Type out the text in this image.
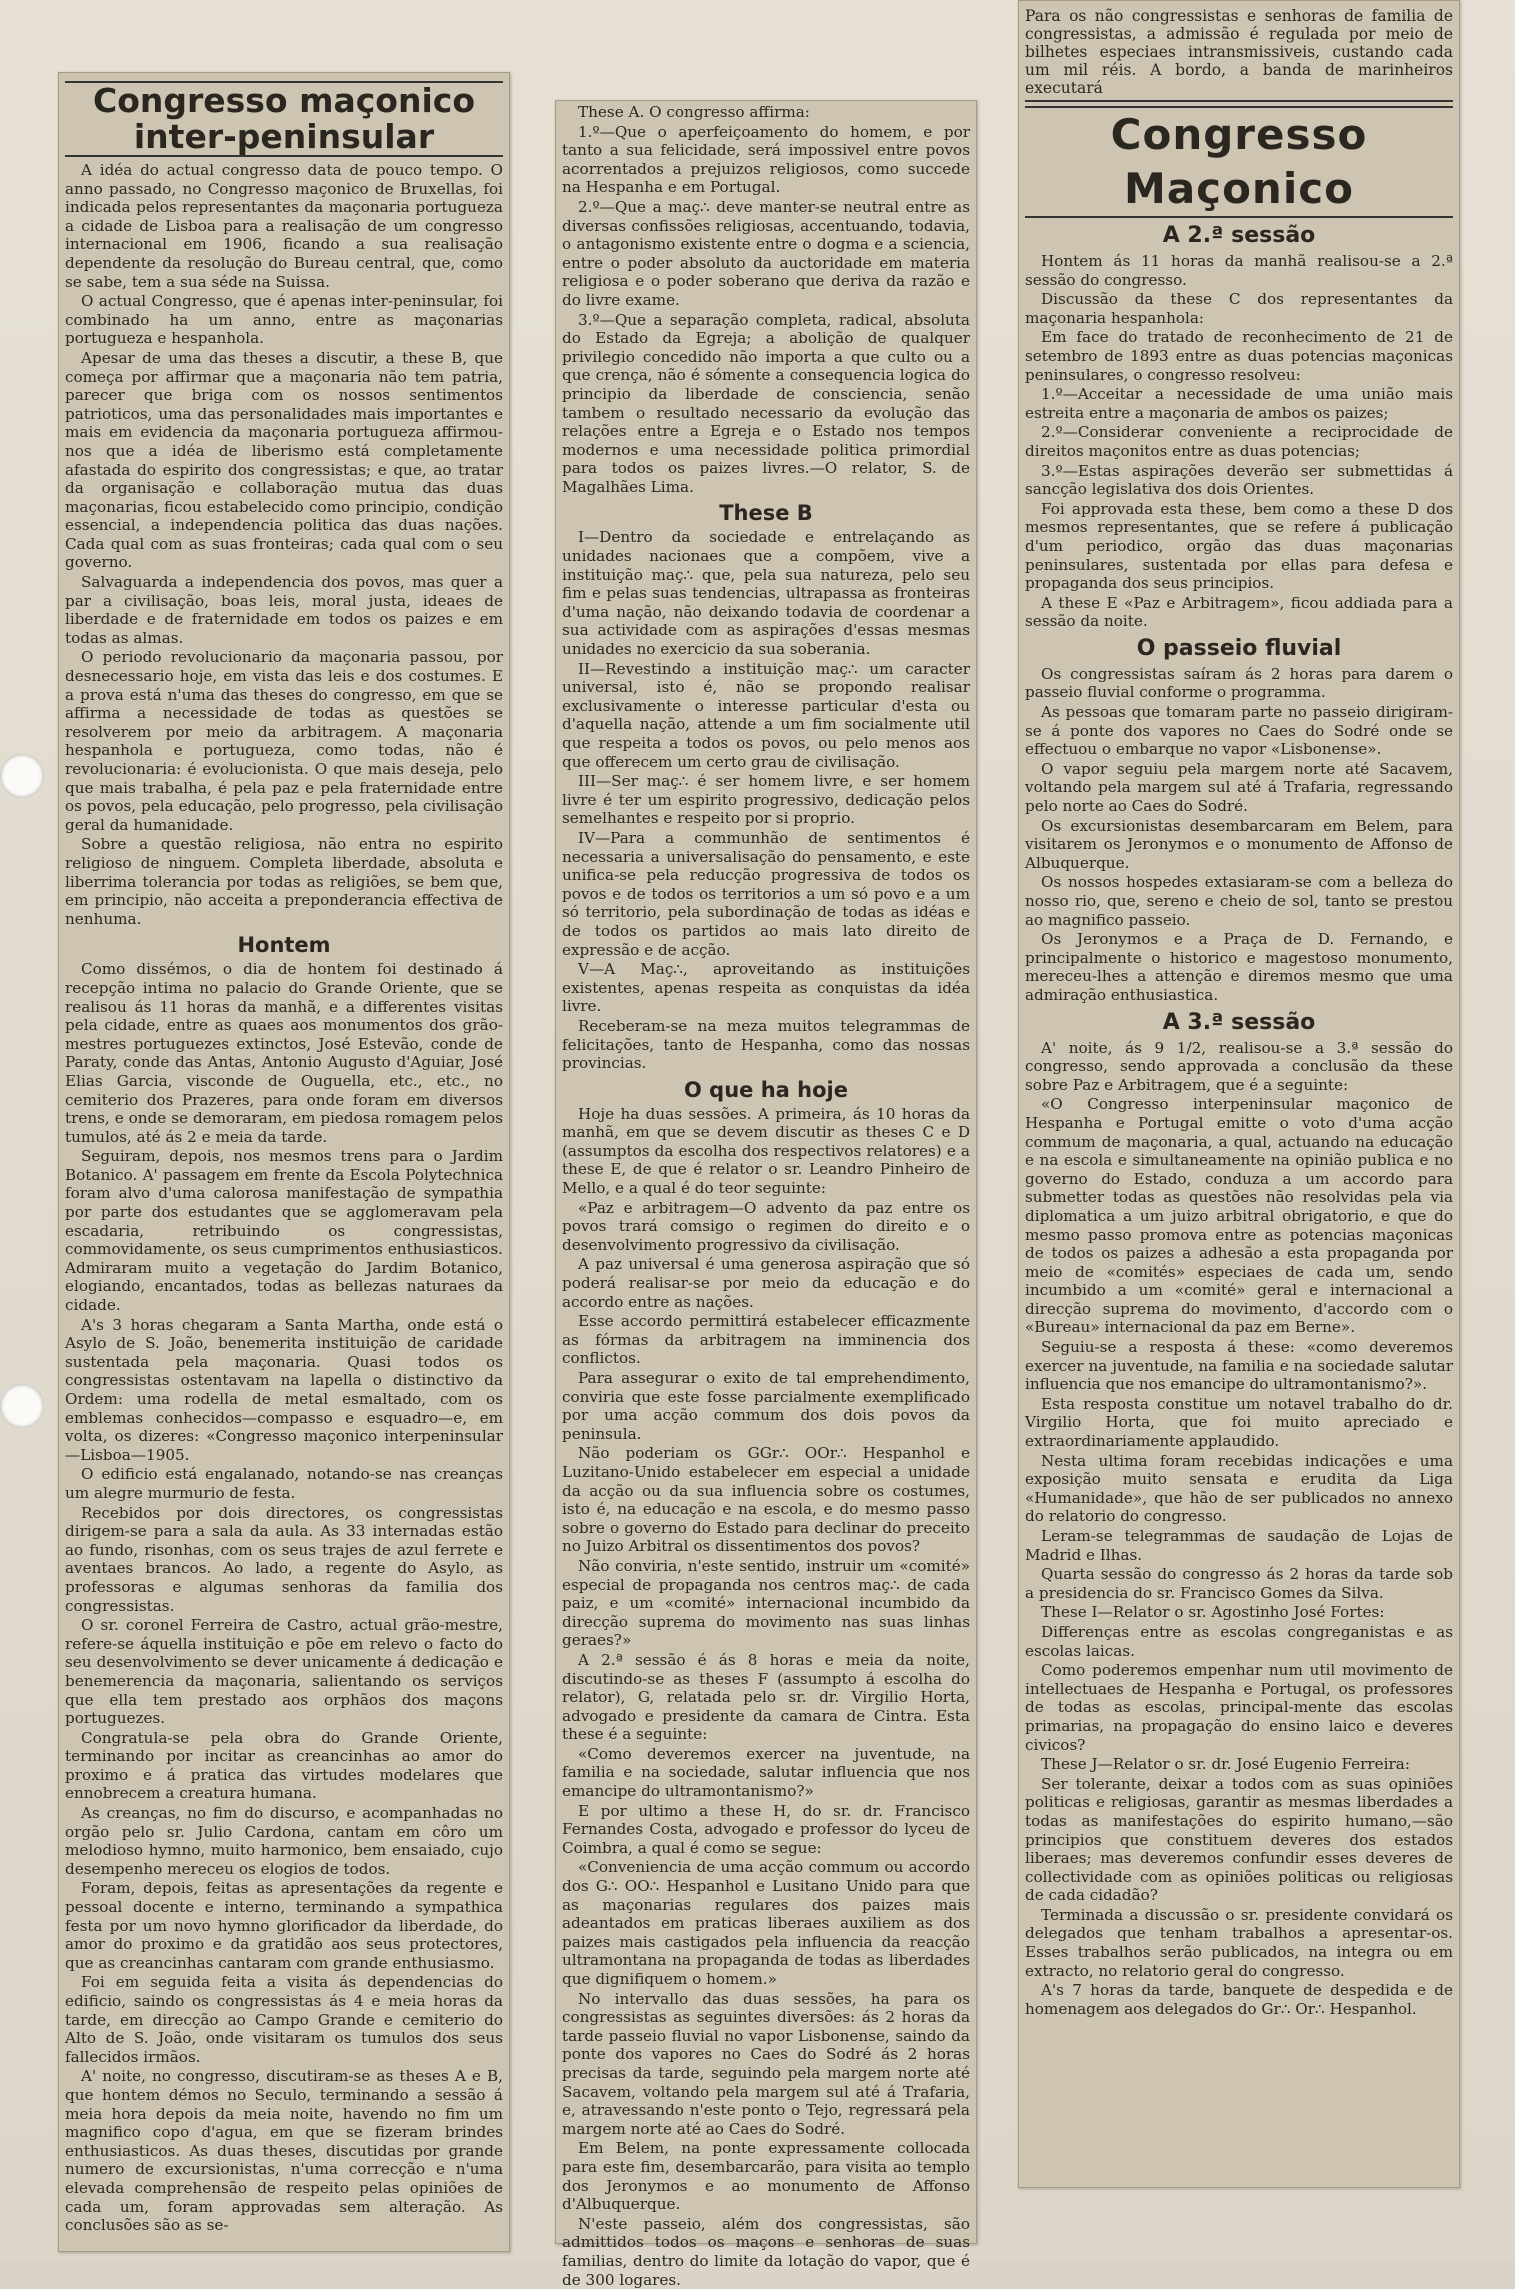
Congresso maçonico inter-peninsular

A idéa do actual congresso data de pouco tempo. O anno passado, no Congresso maçonico de Bruxellas, foi indicada pelos representantes da maçonaria portugueza a cidade de Lisboa para a realisação de um congresso internacional em 1906, ficando a sua realisação dependente da resolução do Bureau central, que, como se sabe, tem a sua séde na Suissa.

O actual Congresso, que é apenas inter-peninsular, foi combinado ha um anno, entre as maçonarias portugueza e hespanhola.

Apesar de uma das theses a discutir, a these B, que começa por affirmar que a maçonaria não tem patria, parecer que briga com os nossos sentimentos patrioticos, uma das personalidades mais importantes e mais em evidencia da maçonaria portugueza affirmou-nos que a idéa de liberismo está completamente afastada do espirito dos congressistas; e que, ao tratar da organisação e collaboração mutua das duas maçonarias, ficou estabelecido como principio, condição essencial, a independencia politica das duas nações. Cada qual com as suas fronteiras; cada qual com o seu governo.

Salvaguarda a independencia dos povos, mas quer a par a civilisação, boas leis, moral justa, ideaes de liberdade e de fraternidade em todos os paizes e em todas as almas.

O periodo revolucionario da maçonaria passou, por desnecessario hoje, em vista das leis e dos costumes. E a prova está n'uma das theses do congresso, em que se affirma a necessidade de todas as questões se resolverem por meio da arbitragem. A maçonaria hespanhola e portugueza, como todas, não é revolucionaria: é evolucionista. O que mais deseja, pelo que mais trabalha, é pela paz e pela fraternidade entre os povos, pela educação, pelo progresso, pela civilisação geral da humanidade.

Sobre a questão religiosa, não entra no espirito religioso de ninguem. Completa liberdade, absoluta e liberrima tolerancia por todas as religiões, se bem que, em principio, não acceita a preponderancia effectiva de nenhuma.

Hontem

Como dissémos, o dia de hontem foi destinado á recepção intima no palacio do Grande Oriente, que se realisou ás 11 horas da manhã, e a differentes visitas pela cidade, entre as quaes aos monumentos dos grão-mestres portuguezes extinctos, José Estevão, conde de Paraty, conde das Antas, Antonio Augusto d'Aguiar, José Elias Garcia, visconde de Ouguella, etc., etc., no cemiterio dos Prazeres, para onde foram em diversos trens, e onde se demoraram, em piedosa romagem pelos tumulos, até ás 2 e meia da tarde.

Seguiram, depois, nos mesmos trens para o Jardim Botanico. A' passagem em frente da Escola Polytechnica foram alvo d'uma calorosa manifestação de sympathia por parte dos estudantes que se agglomeravam pela escadaria, retribuindo os congressistas, commovidamente, os seus cumprimentos enthusiasticos. Admiraram muito a vegetação do Jardim Botanico, elogiando, encantados, todas as bellezas naturaes da cidade.

A's 3 horas chegaram a Santa Martha, onde está o Asylo de S. João, benemerita instituição de caridade sustentada pela maçonaria. Quasi todos os congressistas ostentavam na lapella o distinctivo da Ordem: uma rodella de metal esmaltado, com os emblemas conhecidos—compasso e esquadro—e, em volta, os dizeres: «Congresso maçonico interpeninsular—Lisboa—1905.

O edificio está engalanado, notando-se nas creanças um alegre murmurio de festa.

Recebidos por dois directores, os congressistas dirigem-se para a sala da aula. As 33 internadas estão ao fundo, risonhas, com os seus trajes de azul ferrete e aventaes brancos. Ao lado, a regente do Asylo, as professoras e algumas senhoras da familia dos congressistas.

O sr. coronel Ferreira de Castro, actual grão-mestre, refere-se áquella instituição e põe em relevo o facto do seu desenvolvimento se dever unicamente á dedicação e benemerencia da maçonaria, salientando os serviços que ella tem prestado aos orphãos dos maçons portuguezes.

Congratula-se pela obra do Grande Oriente, terminando por incitar as creancinhas ao amor do proximo e á pratica das virtudes modelares que ennobrecem a creatura humana.

As creanças, no fim do discurso, e acompanhadas no orgão pelo sr. Julio Cardona, cantam em côro um melodioso hymno, muito harmonico, bem ensaiado, cujo desempenho mereceu os elogios de todos.

Foram, depois, feitas as apresentações da regente e pessoal docente e interno, terminando a sympathica festa por um novo hymno glorificador da liberdade, do amor do proximo e da gratidão aos seus protectores, que as creancinhas cantaram com grande enthusiasmo.

Foi em seguida feita a visita ás dependencias do edificio, saindo os congressistas ás 4 e meia horas da tarde, em direcção ao Campo Grande e cemiterio do Alto de S. João, onde visitaram os tumulos dos seus fallecidos irmãos.

A' noite, no congresso, discutiram-se as theses A e B, que hontem démos no Seculo, terminando a sessão á meia hora depois da meia noite, havendo no fim um magnifico copo d'agua, em que se fizeram brindes enthusiasticos. As duas theses, discutidas por grande numero de excursionistas, n'uma correcção e n'uma elevada comprehensão de respeito pelas opiniões de cada um, foram approvadas sem alteração. As conclusões são as se-

These A. O congresso affirma:

1.º—Que o aperfeiçoamento do homem, e por tanto a sua felicidade, será impossivel entre povos acorrentados a prejuizos religiosos, como succede na Hespanha e em Portugal.

2.º—Que a maç∴ deve manter-se neutral entre as diversas confissões religiosas, accentuando, todavia, o antagonismo existente entre o dogma e a sciencia, entre o poder absoluto da auctoridade em materia religiosa e o poder soberano que deriva da razão e do livre exame.

3.º—Que a separação completa, radical, absoluta do Estado da Egreja; a abolição de qualquer privilegio concedido não importa a que culto ou a que crença, não é sómente a consequencia logica do principio da liberdade de consciencia, senão tambem o resultado necessario da evolução das relações entre a Egreja e o Estado nos tempos modernos e uma necessidade politica primordial para todos os paizes livres.—O relator, S. de Magalhães Lima.

These B

I—Dentro da sociedade e entrelaçando as unidades nacionaes que a compõem, vive a instituição maç∴ que, pela sua natureza, pelo seu fim e pelas suas tendencias, ultrapassa as fronteiras d'uma nação, não deixando todavia de coordenar a sua actividade com as aspirações d'essas mesmas unidades no exercicio da sua soberania.

II—Revestindo a instituição maç∴ um caracter universal, isto é, não se propondo realisar exclusivamente o interesse particular d'esta ou d'aquella nação, attende a um fim socialmente util que respeita a todos os povos, ou pelo menos aos que offerecem um certo grau de civilisação.

III—Ser maç∴ é ser homem livre, e ser homem livre é ter um espirito progressivo, dedicação pelos semelhantes e respeito por si proprio.

IV—Para a communhão de sentimentos é necessaria a universalisação do pensamento, e este unifica-se pela reducção progressiva de todos os povos e de todos os territorios a um só povo e a um só territorio, pela subordinação de todas as idéas e de todos os partidos ao mais lato direito de expressão e de acção.

V—A Maç∴, aproveitando as instituições existentes, apenas respeita as conquistas da idéa livre.

Receberam-se na meza muitos telegrammas de felicitações, tanto de Hespanha, como das nossas provincias.

O que ha hoje

Hoje ha duas sessões. A primeira, ás 10 horas da manhã, em que se devem discutir as theses C e D (assumptos da escolha dos respectivos relatores) e a these E, de que é relator o sr. Leandro Pinheiro de Mello, e a qual é do teor seguinte:

«Paz e arbitragem—O advento da paz entre os povos trará comsigo o regimen do direito e o desenvolvimento progressivo da civilisação.

A paz universal é uma generosa aspiração que só poderá realisar-se por meio da educação e do accordo entre as nações.

Esse accordo permittirá estabelecer efficazmente as fórmas da arbitragem na imminencia dos conflictos.

Para assegurar o exito de tal emprehendimento, conviria que este fosse parcialmente exemplificado por uma acção commum dos dois povos da peninsula.

Não poderiam os GGr∴ OOr∴ Hespanhol e Luzitano-Unido estabelecer em especial a unidade da acção ou da sua influencia sobre os costumes, isto é, na educação e na escola, e do mesmo passo sobre o governo do Estado para declinar do preceito no Juizo Arbitral os dissentimentos dos povos?

Não conviria, n'este sentido, instruir um «comité» especial de propaganda nos centros maç∴ de cada paiz, e um «comité» internacional incumbido da direcção suprema do movimento nas suas linhas geraes?»

A 2.ª sessão é ás 8 horas e meia da noite, discutindo-se as theses F (assumpto á escolha do relator), G, relatada pelo sr. dr. Virgilio Horta, advogado e presidente da camara de Cintra. Esta these é a seguinte:

«Como deveremos exercer na juventude, na familia e na sociedade, salutar influencia que nos emancipe do ultramontanismo?»

E por ultimo a these H, do sr. dr. Francisco Fernandes Costa, advogado e professor do lyceu de Coimbra, a qual é como se segue:

«Conveniencia de uma acção commum ou accordo dos G∴ OO∴ Hespanhol e Lusitano Unido para que as maçonarias regulares dos paizes mais adeantados em praticas liberaes auxiliem as dos paizes mais castigados pela influencia da reacção ultramontana na propaganda de todas as liberdades que dignifiquem o homem.»

No intervallo das duas sessões, ha para os congressistas as seguintes diversões: ás 2 horas da tarde passeio fluvial no vapor Lisbonense, saindo da ponte dos vapores no Caes do Sodré ás 2 horas precisas da tarde, seguindo pela margem norte até Sacavem, voltando pela margem sul até á Trafaria, e, atravessando n'este ponto o Tejo, regressará pela margem norte até ao Caes do Sodré.

Em Belem, na ponte expressamente collocada para este fim, desembarcarão, para visita ao templo dos Jeronymos e ao monumento de Affonso d'Albuquerque.

N'este passeio, além dos congressistas, são admittidos todos os maçons e senhoras de suas familias, dentro do limite da lotação do vapor, que é de 300 logares.

Para os não congressistas e senhoras de familia de congressistas, a admissão é regulada por meio de bilhetes especiaes intransmissiveis, custando cada um mil réis. A bordo, a banda de marinheiros executará
Congresso Maçonico
A 2.ª sessão

Hontem ás 11 horas da manhã realisou-se a 2.ª sessão do congresso.

Discussão da these C dos representantes da maçonaria hespanhola:

Em face do tratado de reconhecimento de 21 de setembro de 1893 entre as duas potencias maçonicas peninsulares, o congresso resolveu:

1.º—Acceitar a necessidade de uma união mais estreita entre a maçonaria de ambos os paizes;

2.º—Considerar conveniente a reciprocidade de direitos maçonitos entre as duas potencias;

3.º—Estas aspirações deverão ser submettidas á sancção legislativa dos dois Orientes.

Foi approvada esta these, bem como a these D dos mesmos representantes, que se refere á publicação d'um periodico, orgão das duas maçonarias peninsulares, sustentada por ellas para defesa e propaganda dos seus principios.

A these E «Paz e Arbitragem», ficou addiada para a sessão da noite.

O passeio fluvial

Os congressistas saíram ás 2 horas para darem o passeio fluvial conforme o programma.

As pessoas que tomaram parte no passeio dirigiram-se á ponte dos vapores no Caes do Sodré onde se effectuou o embarque no vapor «Lisbonense».

O vapor seguiu pela margem norte até Sacavem, voltando pela margem sul até á Trafaria, regressando pelo norte ao Caes do Sodré.

Os excursionistas desembarcaram em Belem, para visitarem os Jeronymos e o monumento de Affonso de Albuquerque.

Os nossos hospedes extasiaram-se com a belleza do nosso rio, que, sereno e cheio de sol, tanto se prestou ao magnifico passeio.

Os Jeronymos e a Praça de D. Fernando, e principalmente o historico e magestoso monumento, mereceu-lhes a attenção e diremos mesmo que uma admiração enthusiastica.

A 3.ª sessão

A' noite, ás 9 1/2, realisou-se a 3.ª sessão do congresso, sendo approvada a conclusão da these sobre Paz e Arbitragem, que é a seguinte:

«O Congresso interpeninsular maçonico de Hespanha e Portugal emitte o voto d'uma acção commum de maçonaria, a qual, actuando na educação e na escola e simultaneamente na opinião publica e no governo do Estado, conduza a um accordo para submetter todas as questões não resolvidas pela via diplomatica a um juizo arbitral obrigatorio, e que do mesmo passo promova entre as potencias maçonicas de todos os paizes a adhesão a esta propaganda por meio de «comités» especiaes de cada um, sendo incumbido a um «comité» geral e internacional a direcção suprema do movimento, d'accordo com o «Bureau» internacional da paz em Berne».

Seguiu-se a resposta á these: «como deveremos exercer na juventude, na familia e na sociedade salutar influencia que nos emancipe do ultramontanismo?».

Esta resposta constitue um notavel trabalho do dr. Virgilio Horta, que foi muito apreciado e extraordinariamente applaudido.

Nesta ultima foram recebidas indicações e uma exposição muito sensata e erudita da Liga «Humanidade», que hão de ser publicados no annexo do relatorio do congresso.

Leram-se telegrammas de saudação de Lojas de Madrid e Ilhas.

Quarta sessão do congresso ás 2 horas da tarde sob a presidencia do sr. Francisco Gomes da Silva.

These I—Relator o sr. Agostinho José Fortes:

Differenças entre as escolas congreganistas e as escolas laicas.

Como poderemos empenhar num util movimento de intellectuaes de Hespanha e Portugal, os professores de todas as escolas, principal-mente das escolas primarias, na propagação do ensino laico e deveres civicos?

These J—Relator o sr. dr. José Eugenio Ferreira:

Ser tolerante, deixar a todos com as suas opiniões politicas e religiosas, garantir as mesmas liberdades a todas as manifestações do espirito humano,—são principios que constituem deveres dos estados liberaes; mas deveremos confundir esses deveres de collectividade com as opiniões politicas ou religiosas de cada cidadão?

Terminada a discussão o sr. presidente convidará os delegados que tenham trabalhos a apresentar-os. Esses trabalhos serão publicados, na integra ou em extracto, no relatorio geral do congresso.

A's 7 horas da tarde, banquete de despedida e de homenagem aos delegados do Gr∴ Or∴ Hespanhol.
